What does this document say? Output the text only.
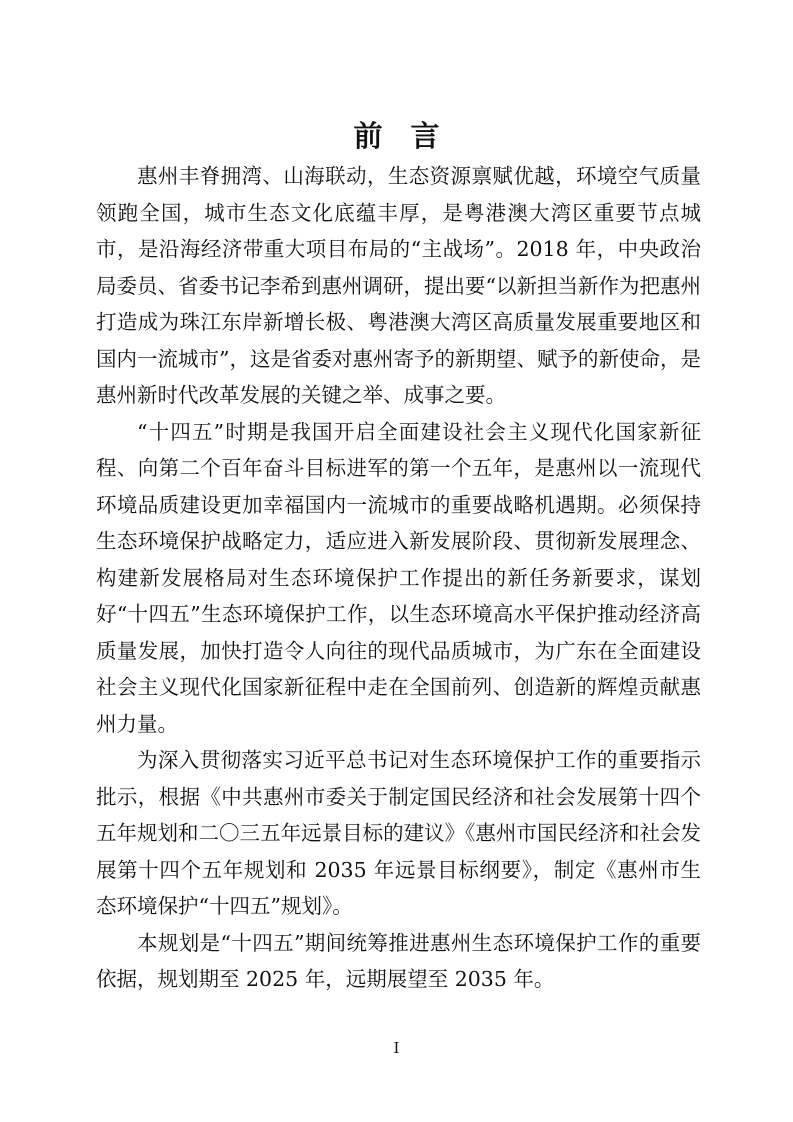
前言

惠州丰脊拥湾、山海联动，生态资源禀赋优越，环境空气质量领跑全国，城市生态文化底蕴丰厚，是粤港澳大湾区重要节点城市，是沿海经济带重大项目布局的“主战场”。2018 年，中央政治局委员、省委书记李希到惠州调研，提出要“以新担当新作为把惠州打造成为珠江东岸新增长极、粤港澳大湾区高质量发展重要地区和国内一流城市”，这是省委对惠州寄予的新期望、赋予的新使命，是惠州新时代改革发展的关键之举、成事之要。

“十四五”时期是我国开启全面建设社会主义现代化国家新征程、向第二个百年奋斗目标进军的第一个五年，是惠州以一流现代环境品质建设更加幸福国内一流城市的重要战略机遇期。必须保持生态环境保护战略定力，适应进入新发展阶段、贯彻新发展理念、构建新发展格局对生态环境保护工作提出的新任务新要求，谋划好“十四五”生态环境保护工作，以生态环境高水平保护推动经济高质量发展，加快打造令人向往的现代品质城市，为广东在全面建设社会主义现代化国家新征程中走在全国前列、创造新的辉煌贡献惠州力量。

为深入贯彻落实习近平总书记对生态环境保护工作的重要指示批示，根据《中共惠州市委关于制定国民经济和社会发展第十四个五年规划和二〇三五年远景目标的建议》《惠州市国民经济和社会发展第十四个五年规划和 2035 年远景目标纲要》，制定《惠州市生态环境保护“十四五”规划》。

本规划是“十四五”期间统筹推进惠州生态环境保护工作的重要依据，规划期至 2025 年，远期展望至 2035 年。

I
